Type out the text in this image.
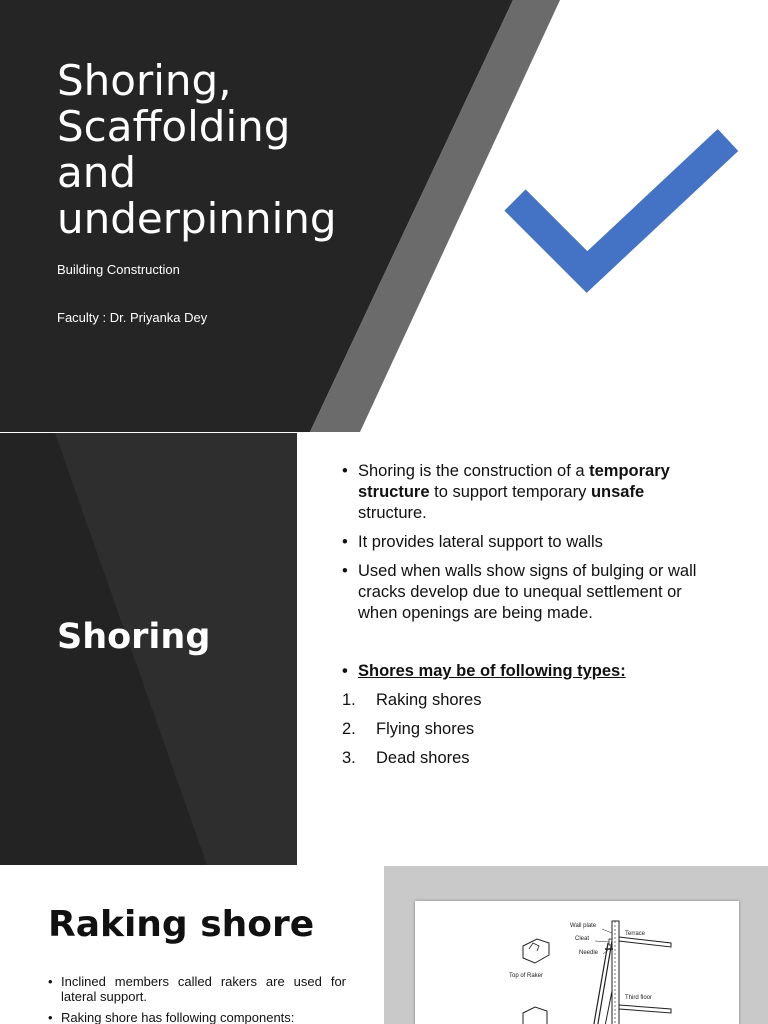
Shoring, Scaffolding and underpinning
Building Construction
Faculty : Dr. Priyanka Dey
Shoring
• Shoring is the construction of a temporary structure to support temporary unsafe structure.
• It provides lateral support to walls
• Used when walls show signs of bulging or wall cracks develop due to unequal settlement or when openings are being made.
• Shores may be of following types:
1. Raking shores
2. Flying shores
3. Dead shores
Raking shore
• Inclined members called rakers are used for lateral support.
• Raking shore has following components:
Wall plate
Cleat
Needle
Terrace
Top of Raker
Third floor
